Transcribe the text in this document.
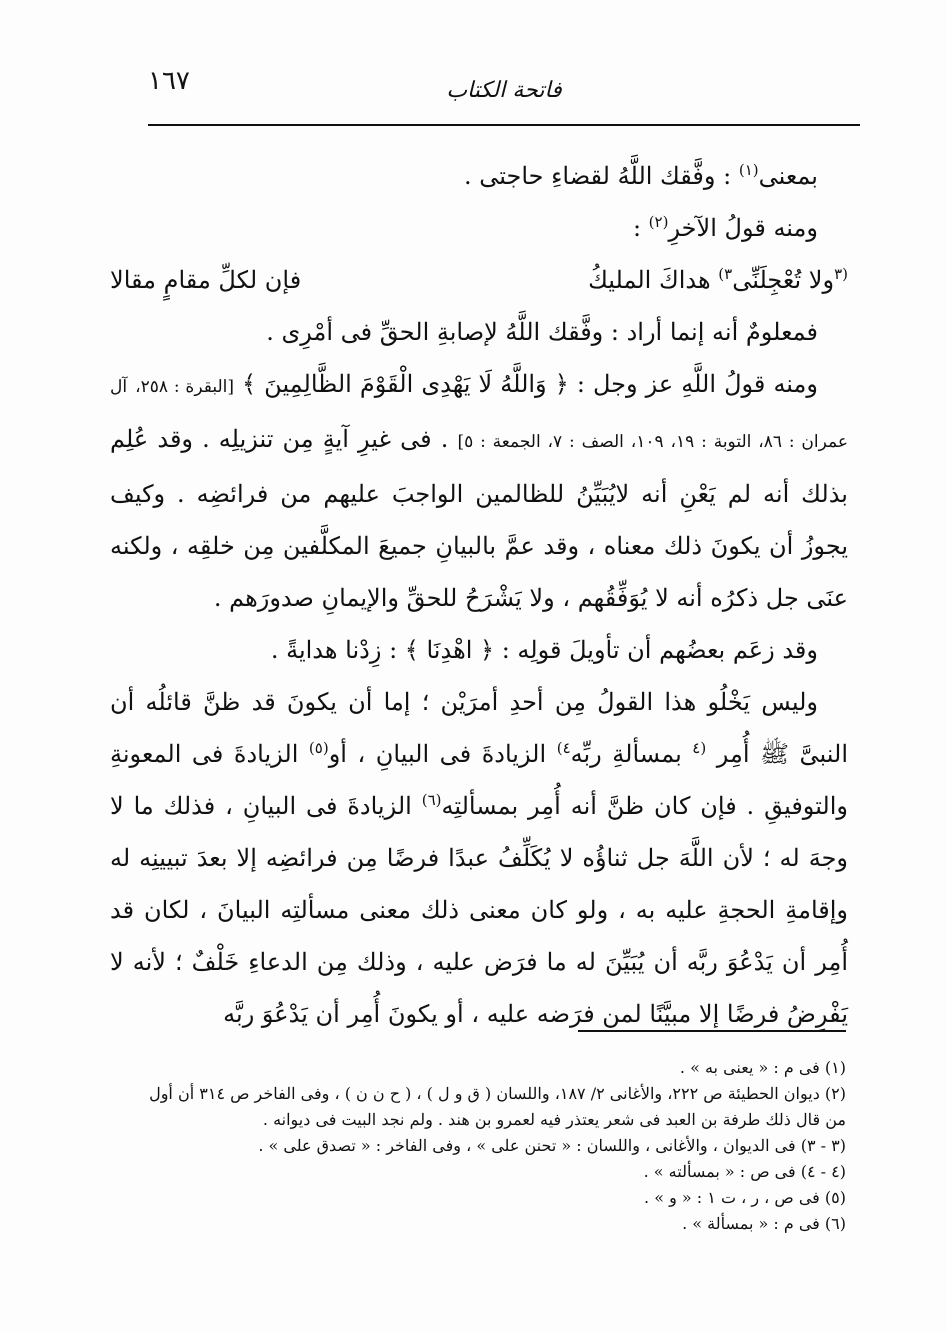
١٦٧	فاتحة الكتاب

بمعنى$^{(١)}$ : وفَّقك اللَّهُ لقضاءِ حاجتى .

ومنه قولُ الآخرِ$^{(٢)}$ :

$^{(٣}$ولا تُعْجِلَنِّى$^{٣)}$ هداكَ المليكُ
فإن لكلِّ مقامٍ مقالا

فمعلومٌ أنه إنما أراد : وفَّقك اللَّهُ لإصابةِ الحقِّ فى أمْرِى .

ومنه قولُ اللَّهِ عز وجل : ﴿ وَاللَّهُ لَا يَهْدِى الْقَوْمَ الظَّالِمِينَ ﴾ [البقرة : ٢٥٨، آل عمران : ٨٦، التوبة : ١٩، ١٠٩، الصف : ٧، الجمعة : ٥] . فى غيرِ آيةٍ مِن تنزيلِه . وقد عُلِم بذلك أنه لم يَعْنِ أنه لايُبَيِّنُ للظالمين الواجبَ عليهم من فرائضِه . وكيف يجوزُ أن يكونَ ذلك معناه ، وقد عمَّ بالبيانِ جميعَ المكلَّفين مِن خلقِه ، ولكنه عنَى جل ذكرُه أنه لا يُوَفِّقُهم ، ولا يَشْرَحُ للحقِّ والإيمانِ صدورَهم .

وقد زعَم بعضُهم أن تأويلَ قولِه : ﴿ اهْدِنَا ﴾ : زِدْنا هدايةً .

وليس يَخْلُو هذا القولُ مِن أحدِ أمرَيْن ؛ إما أن يكونَ قد ظنَّ قائلُه أن النبىَّ ﷺ أُمِر $^{(٤}$ بمسألةِ ربِّه$^{٤)}$ الزيادةَ فى البيانِ ، أو$^{(٥)}$ الزيادةَ فى المعونةِ والتوفيقِ . فإن كان ظنَّ أنه أُمِر بمسألتِه$^{(٦)}$ الزيادةَ فى البيانِ ، فذلك ما لا وجهَ له ؛ لأن اللَّهَ جل ثناؤُه لا يُكَلِّفُ عبدًا فرضًا مِن فرائضِه إلا بعدَ تبيينِه له وإقامةِ الحجةِ عليه به ، ولو كان معنى ذلك معنى مسألتِه البيانَ ، لكان قد أُمِر أن يَدْعُوَ ربَّه أن يُبَيِّنَ له ما فرَض عليه ، وذلك مِن الدعاءِ خَلْفٌ ؛ لأنه لا يَفْرِضُ فرضًا إلا مبيَّنًا لمن فرَضه عليه ، أو يكونَ أُمِر أن يَدْعُوَ ربَّه

(١) فى م : « يعنى به » .

(٢) ديوان الحطيئة ص ٢٢٢، والأغانى ٢/ ١٨٧، واللسان ( ق و ل ) ، ( ح ن ن ) ، وفى الفاخر ص ٣١٤ أن أول من قال ذلك طرفة بن العبد فى شعر يعتذر فيه لعمرو بن هند . ولم نجد البيت فى ديوانه .

(٣ - ٣) فى الديوان ، والأغانى ، واللسان : « تحنن على » ، وفى الفاخر : « تصدق على » .

(٤ - ٤) فى ص : « بمسألته » .

(٥) فى ص ، ر ، ت ١ : « و » .

(٦) فى م : « بمسألة » .
